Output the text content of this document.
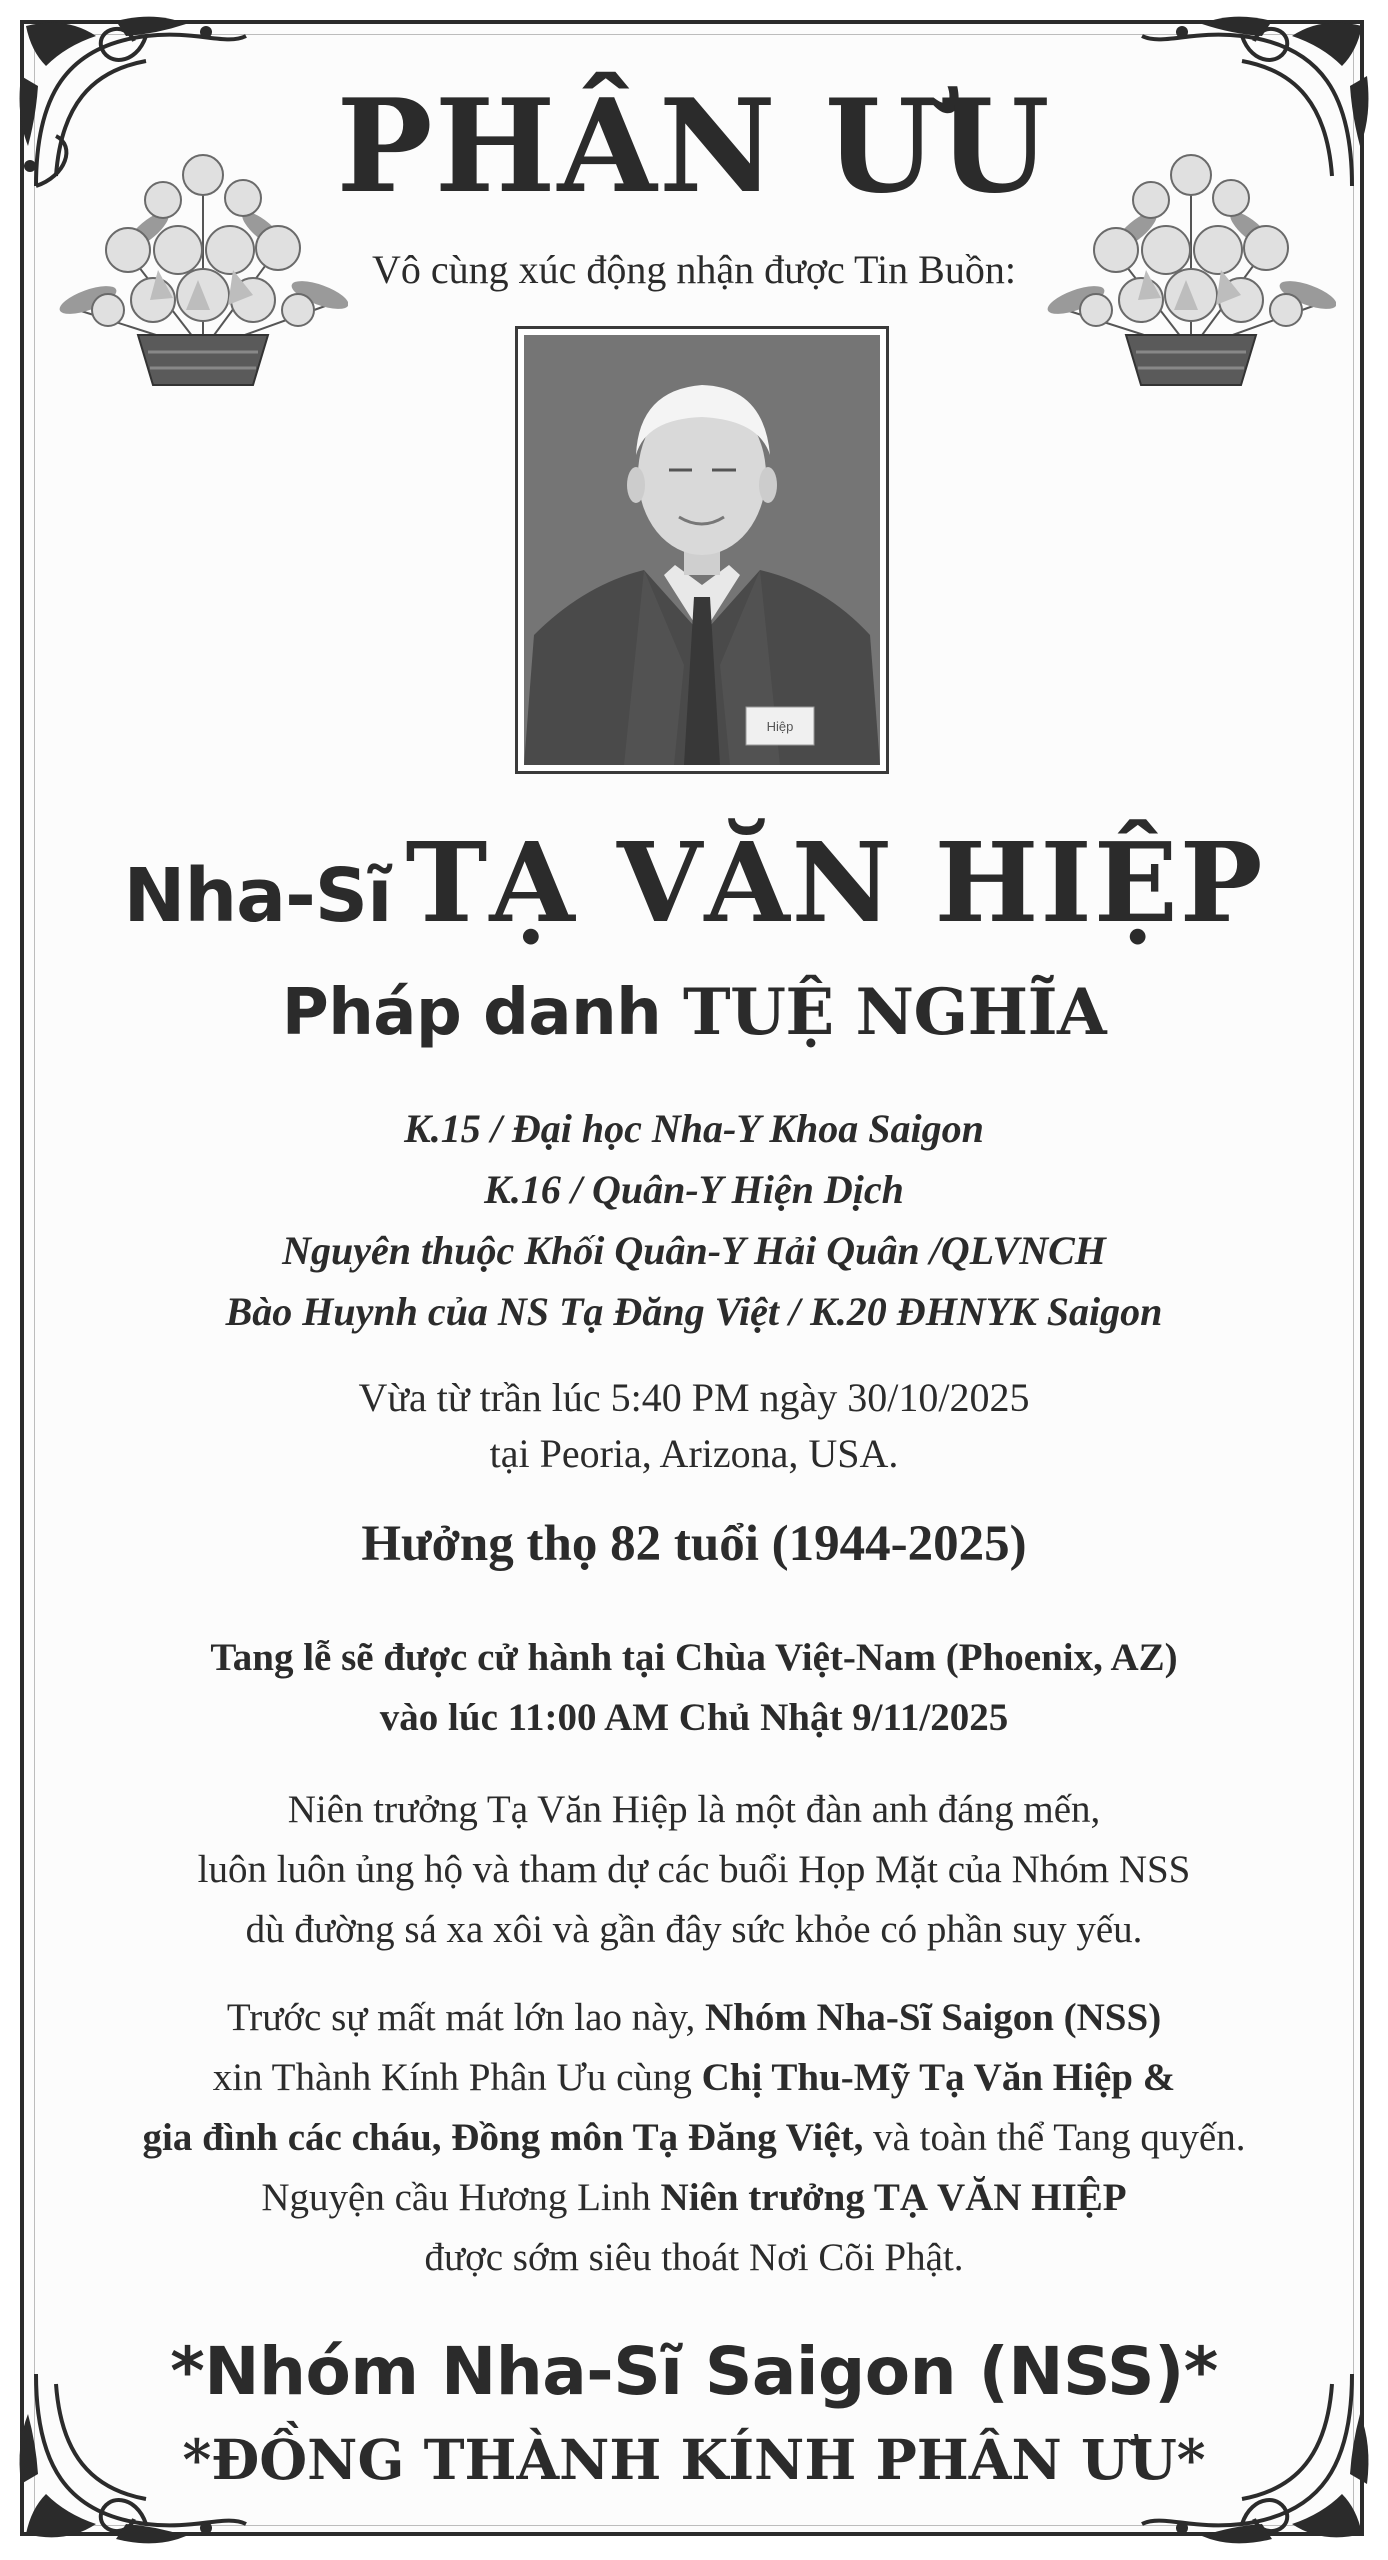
PHÂN ƯU
Vô cùng xúc động nhận được Tin Buồn:
Hiệp
Nha-Sĩ TẠ VĂN HIỆP
Pháp danh TUỆ NGHĨA
K.15 / Đại học Nha-Y Khoa Saigon
K.16 / Quân-Y Hiện Dịch
Nguyên thuộc Khối Quân-Y Hải Quân /QLVNCH
Bào Huynh của NS Tạ Đăng Việt / K.20 ĐHNYK Saigon
Vừa từ trần lúc 5:40 PM ngày 30/10/2025
tại Peoria, Arizona, USA.
Hưởng thọ 82 tuổi (1944-2025)
Tang lễ sẽ được cử hành tại Chùa Việt-Nam (Phoenix, AZ)
vào lúc 11:00 AM Chủ Nhật 9/11/2025
Niên trưởng Tạ Văn Hiệp là một đàn anh đáng mến,
luôn luôn ủng hộ và tham dự các buổi Họp Mặt của Nhóm NSS
dù đường sá xa xôi và gần đây sức khỏe có phần suy yếu.
Trước sự mất mát lớn lao này, Nhóm Nha-Sĩ Saigon (NSS)
xin Thành Kính Phân Ưu cùng Chị Thu-Mỹ Tạ Văn Hiệp &
gia đình các cháu, Đồng môn Tạ Đăng Việt, và toàn thể Tang quyến.
Nguyện cầu Hương Linh Niên trưởng TẠ VĂN HIỆP
được sớm siêu thoát Nơi Cõi Phật.
*Nhóm Nha-Sĩ Saigon (NSS)*
*ĐỒNG THÀNH KÍNH PHÂN ƯU*
